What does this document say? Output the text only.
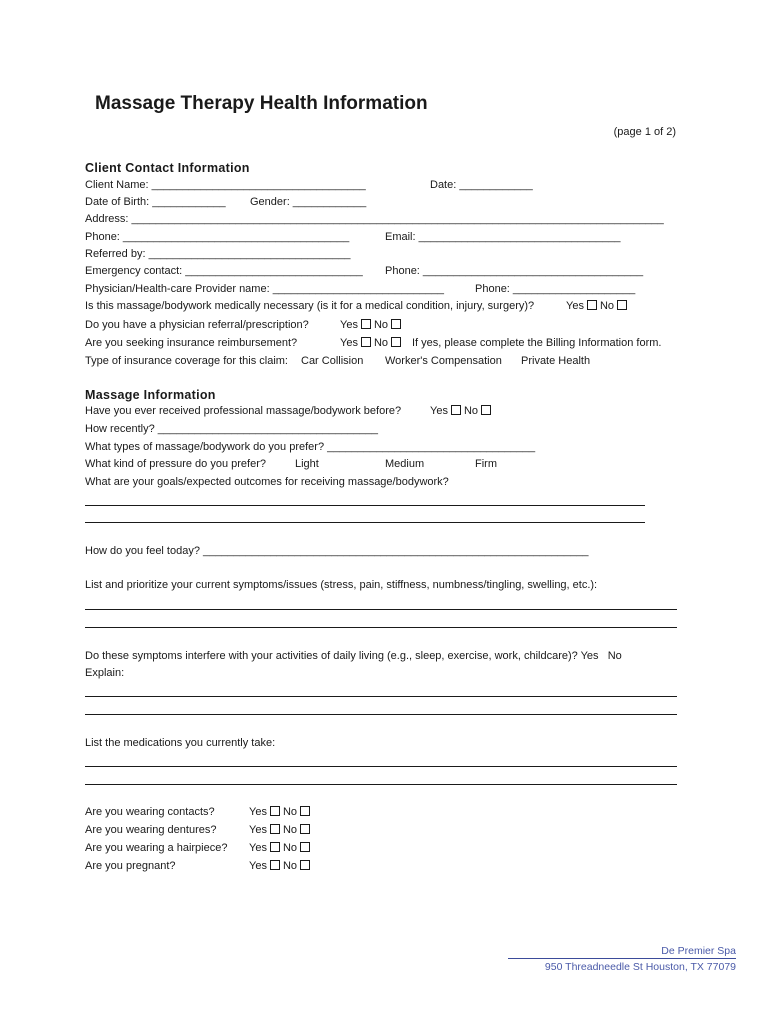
Massage Therapy Health Information
(page 1 of 2)
Client Contact Information
Client Name: ___________________________________	Date: ____________
Date of Birth: ____________ Gender: ____________
Address: _______________________________________________________________________________________
Phone: _____________________________________	Email: _________________________________
Referred by: _________________________________
Emergency contact: _____________________________ Phone: ____________________________________
Physician/Health-care Provider name: ____________________________	Phone: ____________________
Is this massage/bodywork medically necessary (is it for a medical condition, injury, surgery)?	Yes No
Do you have a physician referral/prescription?	Yes No
Are you seeking insurance reimbursement?	Yes No	If yes, please complete the Billing Information form.
Type of insurance coverage for this claim: Car Collision Worker's Compensation Private Health
Massage Information
Have you ever received professional massage/bodywork before?	Yes No
How recently? ____________________________________
What types of massage/bodywork do you prefer? __________________________________
What kind of pressure do you prefer?	Light	Medium	Firm
What are your goals/expected outcomes for receiving massage/bodywork?
How do you feel today? _______________________________________________________________
List and prioritize your current symptoms/issues (stress, pain, stiffness, numbness/tingling, swelling, etc.):
Do these symptoms interfere with your activities of daily living (e.g., sleep, exercise, work, childcare)? Yes   No
Explain:
List the medications you currently take:
Are you wearing contacts?	Yes No
Are you wearing dentures?	Yes No
Are you wearing a hairpiece? Yes No
Are you pregnant?	Yes No
De Premier Spa
950 Threadneedle St Houston, TX 77079
